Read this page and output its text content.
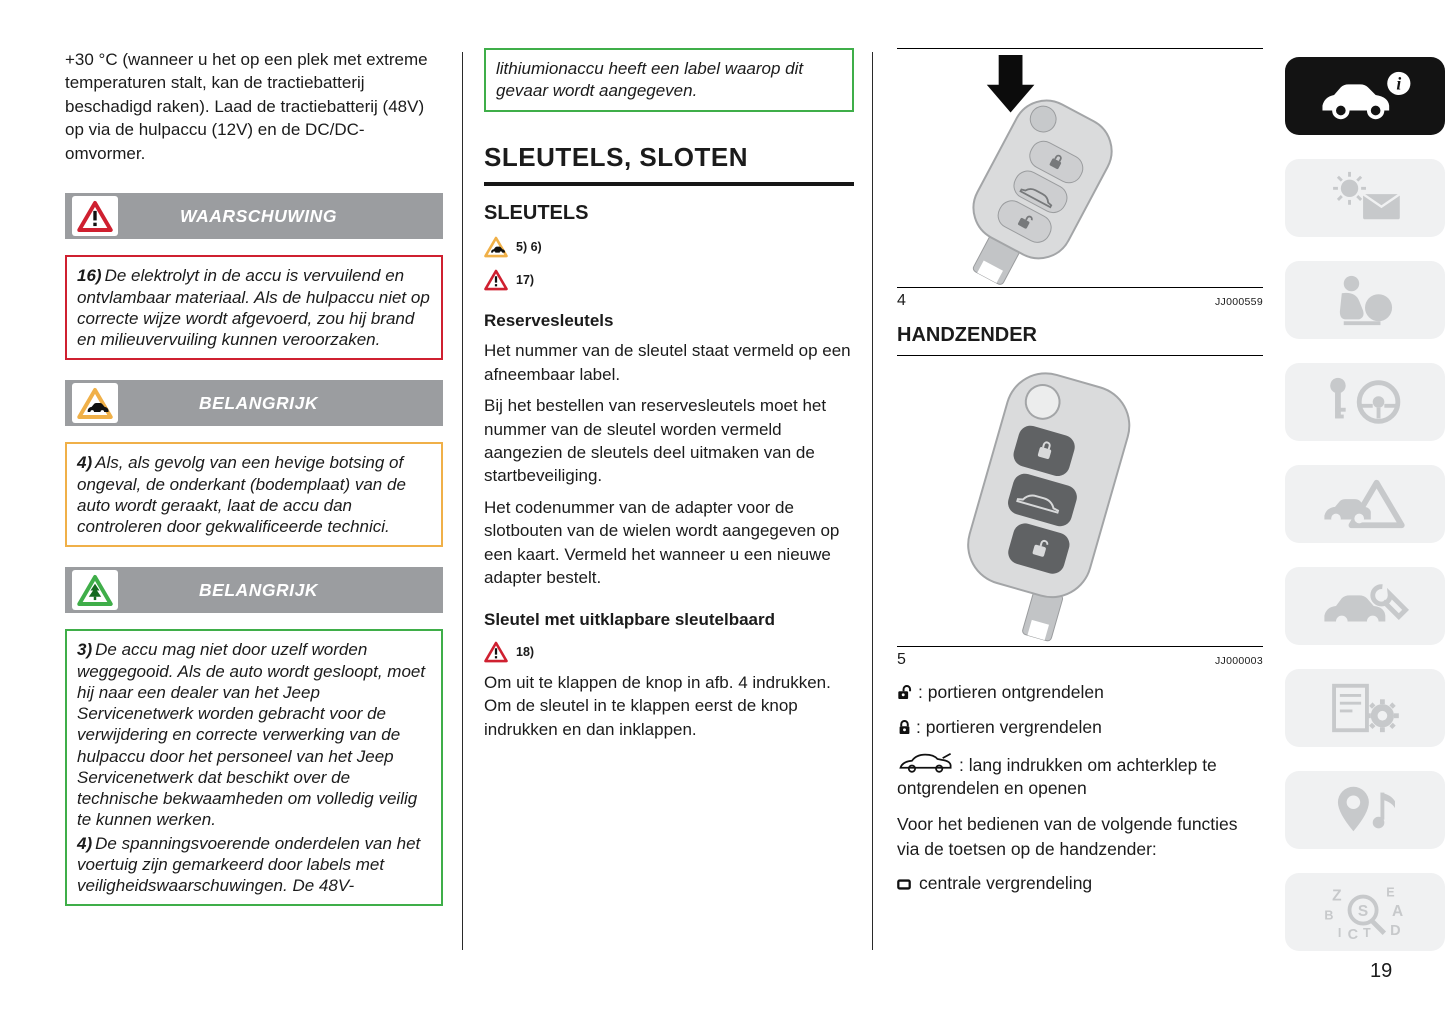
+30 °C (wanneer u het op een plek met extreme temperaturen stalt, kan de tractiebatterij beschadigd raken). Laad de tractiebatterij (48V) op via de hulpaccu (12V) en de DC/DC-omvormer.

WAARSCHUWING

16) De elektrolyt in de accu is vervuilend en ontvlambaar materiaal. Als de hulpaccu niet op correcte wijze wordt afgevoerd, zou hij brand en milieuvervuiling kunnen veroorzaken.

BELANGRIJK

4) Als, als gevolg van een hevige botsing of ongeval, de onderkant (bodemplaat) van de auto wordt geraakt, laat de accu dan controleren door gekwalificeerde technici.

BELANGRIJK

3) De accu mag niet door uzelf worden weggegooid. Als de auto wordt gesloopt, moet hij naar een dealer van het Jeep Servicenetwerk worden gebracht voor de verwijdering en correcte verwerking van de hulpaccu door het personeel van het Jeep Servicenetwerk dat beschikt over de technische bekwaamheden om volledig veilig te kunnen werken.

4) De spanningsvoerende onderdelen van het voertuig zijn gemarkeerd door labels met veiligheidswaarschuwingen. De 48V-

lithiumionaccu heeft een label waarop dit gevaar wordt aangegeven.
SLEUTELS, SLOTEN
SLEUTELS
5) 6)
17)
Reservesleutels

Het nummer van de sleutel staat vermeld op een afneembaar label.

Bij het bestellen van reservesleutels moet het nummer van de sleutel worden vermeld aangezien de sleutels deel uitmaken van de startbeveiliging.

Het codenummer van de adapter voor de slotbouten van de wielen wordt aangegeven op een kaart. Vermeld het wanneer u een nieuwe adapter bestelt.

Sleutel met uitklapbare sleutelbaard
18)

Om uit te klappen de knop in afb. 4 indrukken. Om de sleutel in te klappen eerst de knop indrukken en dan inklappen.

4	JJ000559
HANDZENDER
5	JJ000003

: portieren ontgrendelen

: portieren vergrendelen

: lang indrukken om achterklep te ontgrendelen en openen

Voor het bedienen van de volgende functies via de toetsen op de handzender:

centrale vergrendeling

i
Z	E
B	A
I C T D
S
19
